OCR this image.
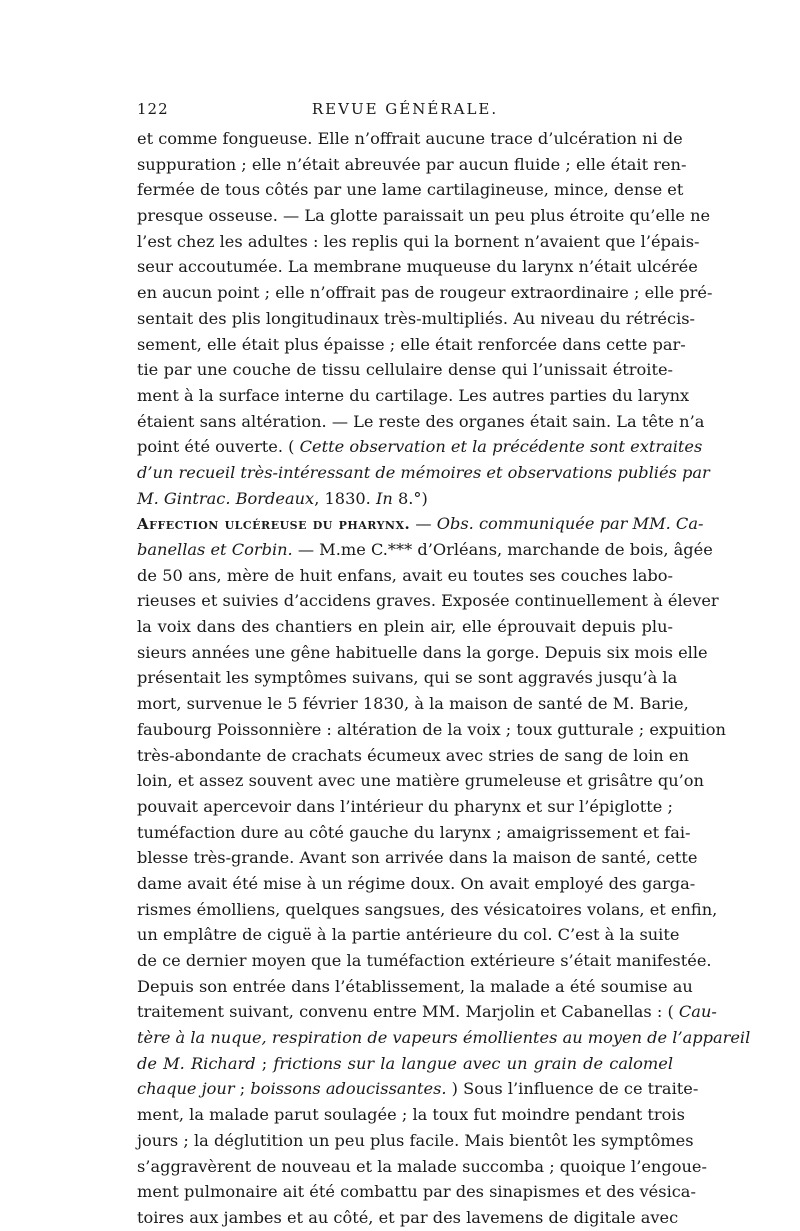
122	REVUE GÉNÉRALE.
et comme fongueuse. Elle n’offrait aucune trace d’ulcération ni de
suppuration ; elle n’était abreuvée par aucun fluide ; elle était ren-
fermée de tous côtés par une lame cartilagineuse, mince, dense et
presque osseuse. — La glotte paraissait un peu plus étroite qu’elle ne
l’est chez les adultes : les replis qui la bornent n’avaient que l’épais-
seur accoutumée. La membrane muqueuse du larynx n’était ulcérée
en aucun point ; elle n’offrait pas de rougeur extraordinaire ; elle pré-
sentait des plis longitudinaux très-multipliés. Au niveau du rétrécis-
sement, elle était plus épaisse ; elle était renforcée dans cette par-
tie par une couche de tissu cellulaire dense qui l’unissait étroite-
ment à la surface interne du cartilage. Les autres parties du larynx
étaient sans altération. — Le reste des organes était sain. La tête n’a
point été ouverte. ( Cette observation et la précédente sont extraites
d’un recueil très-intéressant de mémoires et observations publiés par
M. Gintrac. Bordeaux, 1830. In 8.°)
Affection ulcéreuse du pharynx. — Obs. communiquée par MM. Ca-
banellas et Corbin. — M.me C.*** d’Orléans, marchande de bois, âgée
de 50 ans, mère de huit enfans, avait eu toutes ses couches labo-
rieuses et suivies d’accidens graves. Exposée continuellement à élever
la voix dans des chantiers en plein air, elle éprouvait depuis plu-
sieurs années une gêne habituelle dans la gorge. Depuis six mois elle
présentait les symptômes suivans, qui se sont aggravés jusqu’à la
mort, survenue le 5 février 1830, à la maison de santé de M. Barie,
faubourg Poissonnière : altération de la voix ; toux gutturale ; expuition
très-abondante de crachats écumeux avec stries de sang de loin en
loin, et assez souvent avec une matière grumeleuse et grisâtre qu’on
pouvait apercevoir dans l’intérieur du pharynx et sur l’épiglotte ;
tuméfaction dure au côté gauche du larynx ; amaigrissement et fai-
blesse très-grande. Avant son arrivée dans la maison de santé, cette
dame avait été mise à un régime doux. On avait employé des garga-
rismes émolliens, quelques sangsues, des vésicatoires volans, et enfin,
un emplâtre de ciguë à la partie antérieure du col. C’est à la suite
de ce dernier moyen que la tuméfaction extérieure s’était manifestée.
Depuis son entrée dans l’établissement, la malade a été soumise au
traitement suivant, convenu entre MM. Marjolin et Cabanellas : ( Cau-
tère à la nuque, respiration de vapeurs émollientes au moyen de l’appareil
de M. Richard ; frictions sur la langue avec un grain de calomel
chaque jour ; boissons adoucissantes. ) Sous l’influence de ce traite-
ment, la malade parut soulagée ; la toux fut moindre pendant trois
jours ; la déglutition un peu plus facile. Mais bientôt les symptômes
s’aggravèrent de nouveau et la malade succomba ; quoique l’engoue-
ment pulmonaire ait été combattu par des sinapismes et des vésica-
toires aux jambes et au côté, et par des lavemens de digitale avec
